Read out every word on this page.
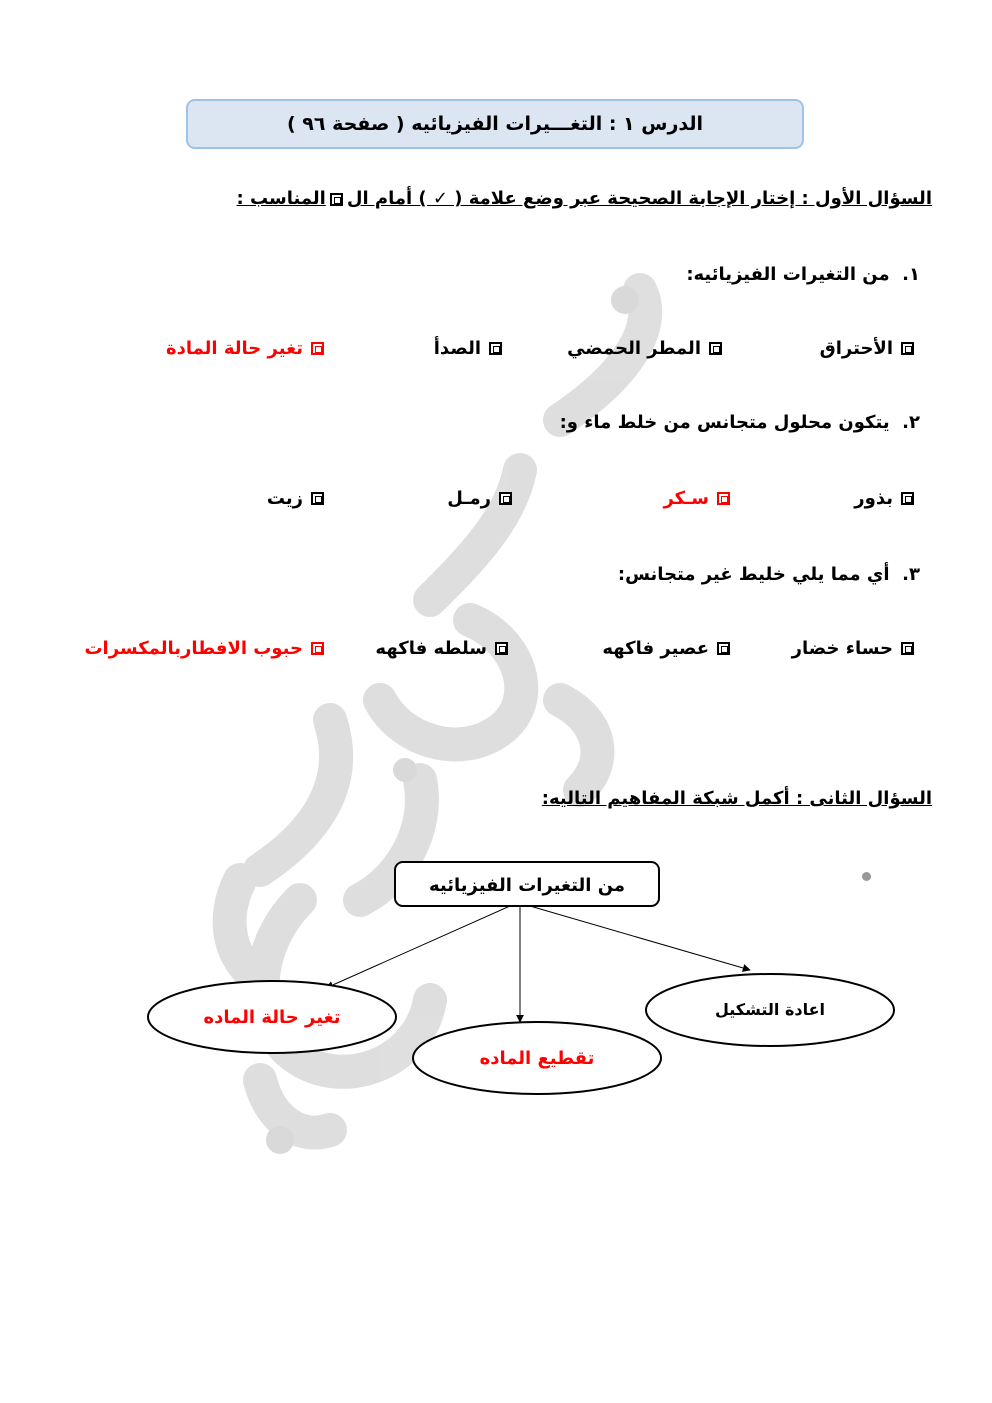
الدرس ١ : التغـــيرات الفيزيائيه ( صفحة ٩٦ )
السؤال الأول : إختار الإجابة الصحيحة عبر وضع علامة ( ✓ ) أمام الالمناسب :
١.  من التغيرات الفيزيائيه:
الأحتراق
المطر الحمضي
الصدأ
تغير حالة المادة
٢.  يتكون محلول متجانس من خلط ماء و:
بذور
سـكر
رمـل
زيت
٣.  أي مما يلي خليط غير متجانس:
حساء خضار
عصير فاكهه
سلطه فاكهه
حبوب الافطاربالمكسرات
السؤال الثانى : أكمل شبكة المفاهيم التاليه:
من التغيرات الفيزيائيه
تغير حالة الماده
تقطيع الماده
اعادة التشكيل
